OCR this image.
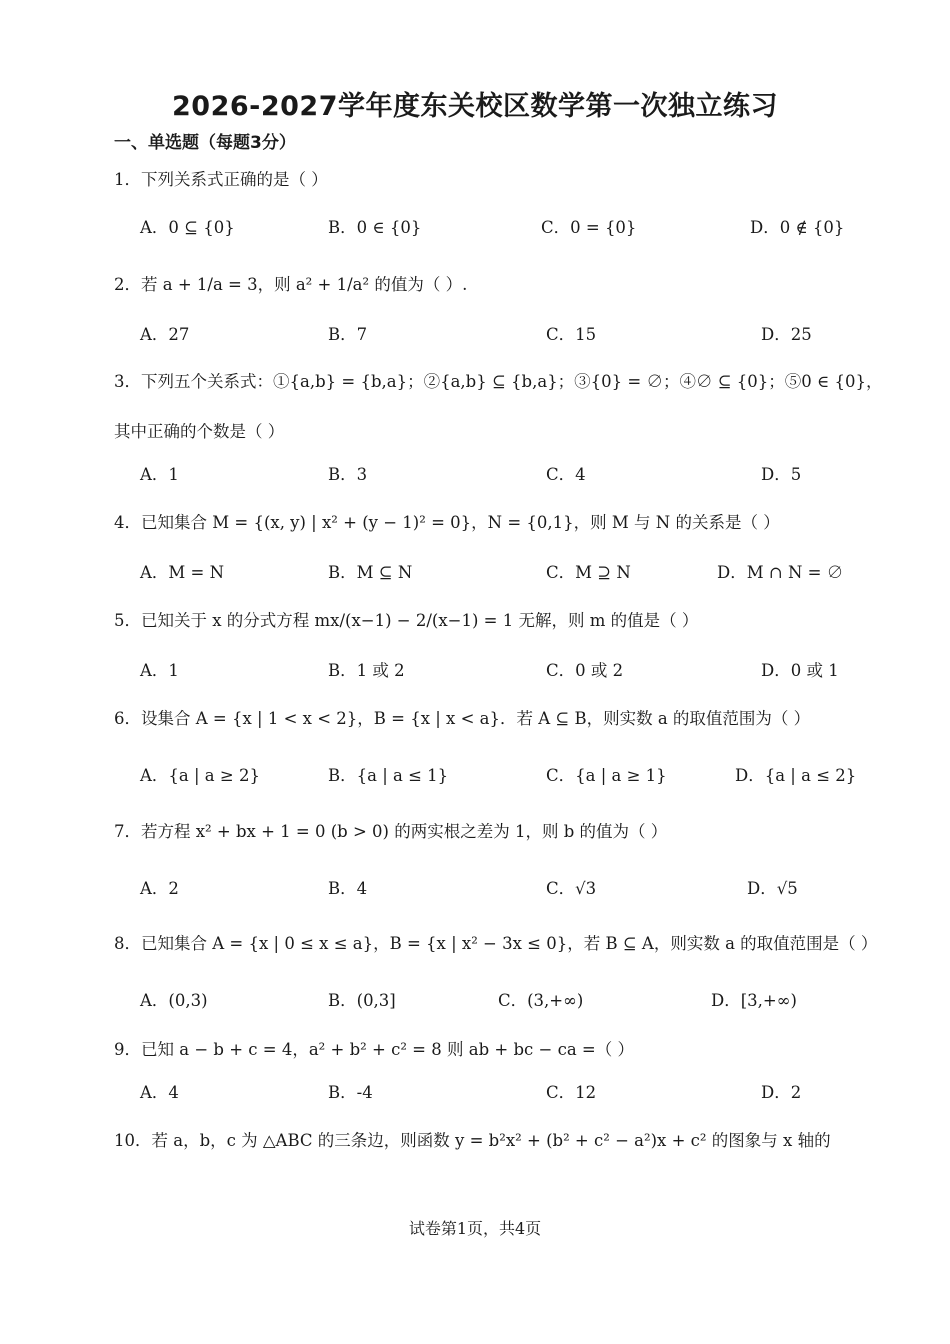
2026-2027学年度东关校区数学第一次独立练习
一、单选题（每题3分）
1．下列关系式正确的是（ ）
A．0 ⊆ {0}	B．0 ∈ {0}	C．0 = {0}	D．0 ∉ {0}
2．若 a + 1/a = 3，则 a² + 1/a² 的值为（ ）.
A．27	B．7	C．15	D．25
3．下列五个关系式：①{a,b} = {b,a}；②{a,b} ⊆ {b,a}；③{0} = ∅；④∅ ⊆ {0}；⑤0 ∈ {0}，
其中正确的个数是（ ）
A．1	B．3	C．4	D．5
4．已知集合 M = {(x, y) | x² + (y − 1)² = 0}，N = {0,1}，则 M 与 N 的关系是（ ）
A．M = N	B．M ⊆ N	C．M ⊇ N	D．M ∩ N = ∅
5．已知关于 x 的分式方程 mx/(x−1) − 2/(x−1) = 1 无解，则 m 的值是（ ）
A．1	B．1 或 2	C．0 或 2	D．0 或 1
6．设集合 A = {x | 1 < x < 2}，B = {x | x < a}．若 A ⊆ B，则实数 a 的取值范围为（ ）
A．{a | a ≥ 2}	B．{a | a ≤ 1}	C．{a | a ≥ 1}	D．{a | a ≤ 2}
7．若方程 x² + bx + 1 = 0 (b > 0) 的两实根之差为 1，则 b 的值为（ ）
A．2	B．4	C．√3	D．√5
8．已知集合 A = {x | 0 ≤ x ≤ a}，B = {x | x² − 3x ≤ 0}，若 B ⊆ A，则实数 a 的取值范围是（ ）
A．(0,3)	B．(0,3]	C．(3,+∞)	D．[3,+∞)
9．已知 a − b + c = 4，a² + b² + c² = 8 则 ab + bc − ca =（ ）
A．4	B．-4	C．12	D．2
10．若 a，b，c 为 △ABC 的三条边，则函数 y = b²x² + (b² + c² − a²)x + c² 的图象与 x 轴的
试卷第1页，共4页
